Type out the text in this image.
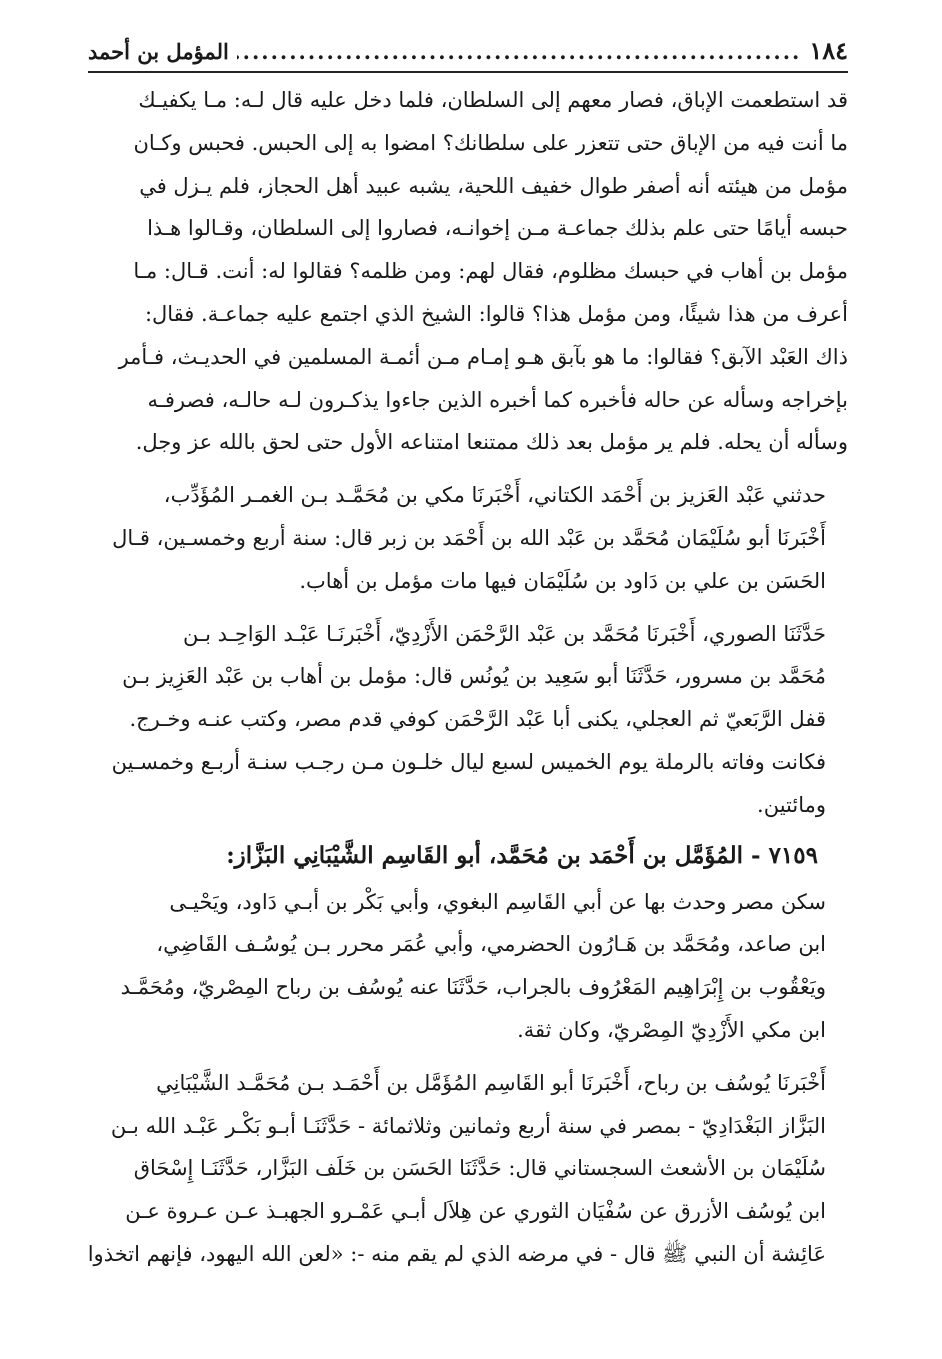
١٨٤
.....
المؤمل بن أحمد

قد استطعمت الإباق، فصار معهم إلى السلطان، فلما دخل عليه قال لـه: مـا يكفيـك
ما أنت فيه من الإباق حتى تتعزر على سلطانك؟ امضوا به إلى الحبس. فحبس وكـان
مؤمل من هيئته أنه أصفر طوال خفيف اللحية، يشبه عبيد أهل الحجاز، فلم يـزل في
حبسه أيامًا حتى علم بذلك جماعـة مـن إخوانـه، فصاروا إلى السلطان، وقـالوا هـذا
مؤمل بن أهاب في حبسك مظلوم، فقال لهم: ومن ظلمه؟ فقالوا له: أنت. قـال: مـا
أعرف من هذا شيئًا، ومن مؤمل هذا؟ قالوا: الشيخ الذي اجتمع عليه جماعـة. فقال:
ذاك العَبْد الآبق؟ فقالوا: ما هو بآبق هـو إمـام مـن أئمـة المسلمين في الحديـث، فـأمر
بإخراجه وسأله عن حاله فأخبره كما أخبره الذين جاءوا يذكـرون لـه حالـه، فصرفـه
وسأله أن يحله. فلم ير مؤمل بعد ذلك ممتنعا امتناعه الأول حتى لحق بالله عز وجل.

حدثني عَبْد العَزيز بن أَحْمَد الكتاني، أَخْبَرنَا مكي بن مُحَمَّـد بـن الغمـر المُؤَدِّب،
أَخْبَرنَا أبو سُلَيْمَان مُحَمَّد بن عَبْد الله بن أَحْمَد بن زبر قال: سنة أربع وخمسـين، قـال
الحَسَن بن علي بن دَاود بن سُلَيْمَان فيها مات مؤمل بن أهاب.

حَدَّثَنَا الصوري، أَخْبَرنَا مُحَمَّد بن عَبْد الرَّحْمَن الأَزْدِيّ، أَخْبَرنَـا عَبْـد الوَاحِـد بـن
مُحَمَّد بن مسرور، حَدَّثَنَا أبو سَعِيد بن يُونُس قال: مؤمل بن أهاب بن عَبْد العَزِيز بـن
قفل الرَّبَعيّ ثم العجلي، يكنى أبا عَبْد الرَّحْمَن كوفي قدم مصر، وكتب عنـه وخـرج.
فكانت وفاته بالرملة يوم الخميس لسبع ليال خلـون مـن رجـب سنـة أربـع وخمسـين
ومائتين.

٧١٥٩ - المُؤَمَّل بن أَحْمَد بن مُحَمَّد، أبو القَاسِم الشَّيْبَانِي البَزَّاز:

سكن مصر وحدث بها عن أبي القَاسِم البغوي، وأبي بَكْر بن أبـي دَاود، ويَحْيـى
ابن صاعد، ومُحَمَّد بن هَـارُون الحضرمي، وأبي عُمَر محرر بـن يُوسُـف القَاضِي،
ويَعْقُوب بن إِبْرَاهِيم المَعْرُوف بالجراب، حَدَّثَنَا عنه يُوسُف بن رباح المِصْريّ، ومُحَمَّـد
ابن مكي الأَزْدِيّ المِصْريّ، وكان ثقة.

أَخْبَرنَا يُوسُف بن رباح، أَخْبَرنَا أبو القَاسِم المُؤَمَّل بن أَحْمَـد بـن مُحَمَّـد الشَّيْبَانِي
البَزَّاز البَغْدَادِيّ - بمصر في سنة أربع وثمانين وثلاثمائة - حَدَّثَنَـا أبـو بَكْـر عَبْـد الله بـن
سُلَيْمَان بن الأشعث السجستاني قال: حَدَّثَنَا الحَسَن بن خَلَف البَزَّار، حَدَّثَنَـا إِسْحَاق
ابن يُوسُف الأزرق عن سُفْيَان الثوري عن هِلاَل أبـي عَمْـرو الجهبـذ عـن عـروة عـن
عَائِشة أن النبي ﷺ قال - في مرضه الذي لم يقم منه -: «لعن الله اليهود، فإنهم اتخذوا
